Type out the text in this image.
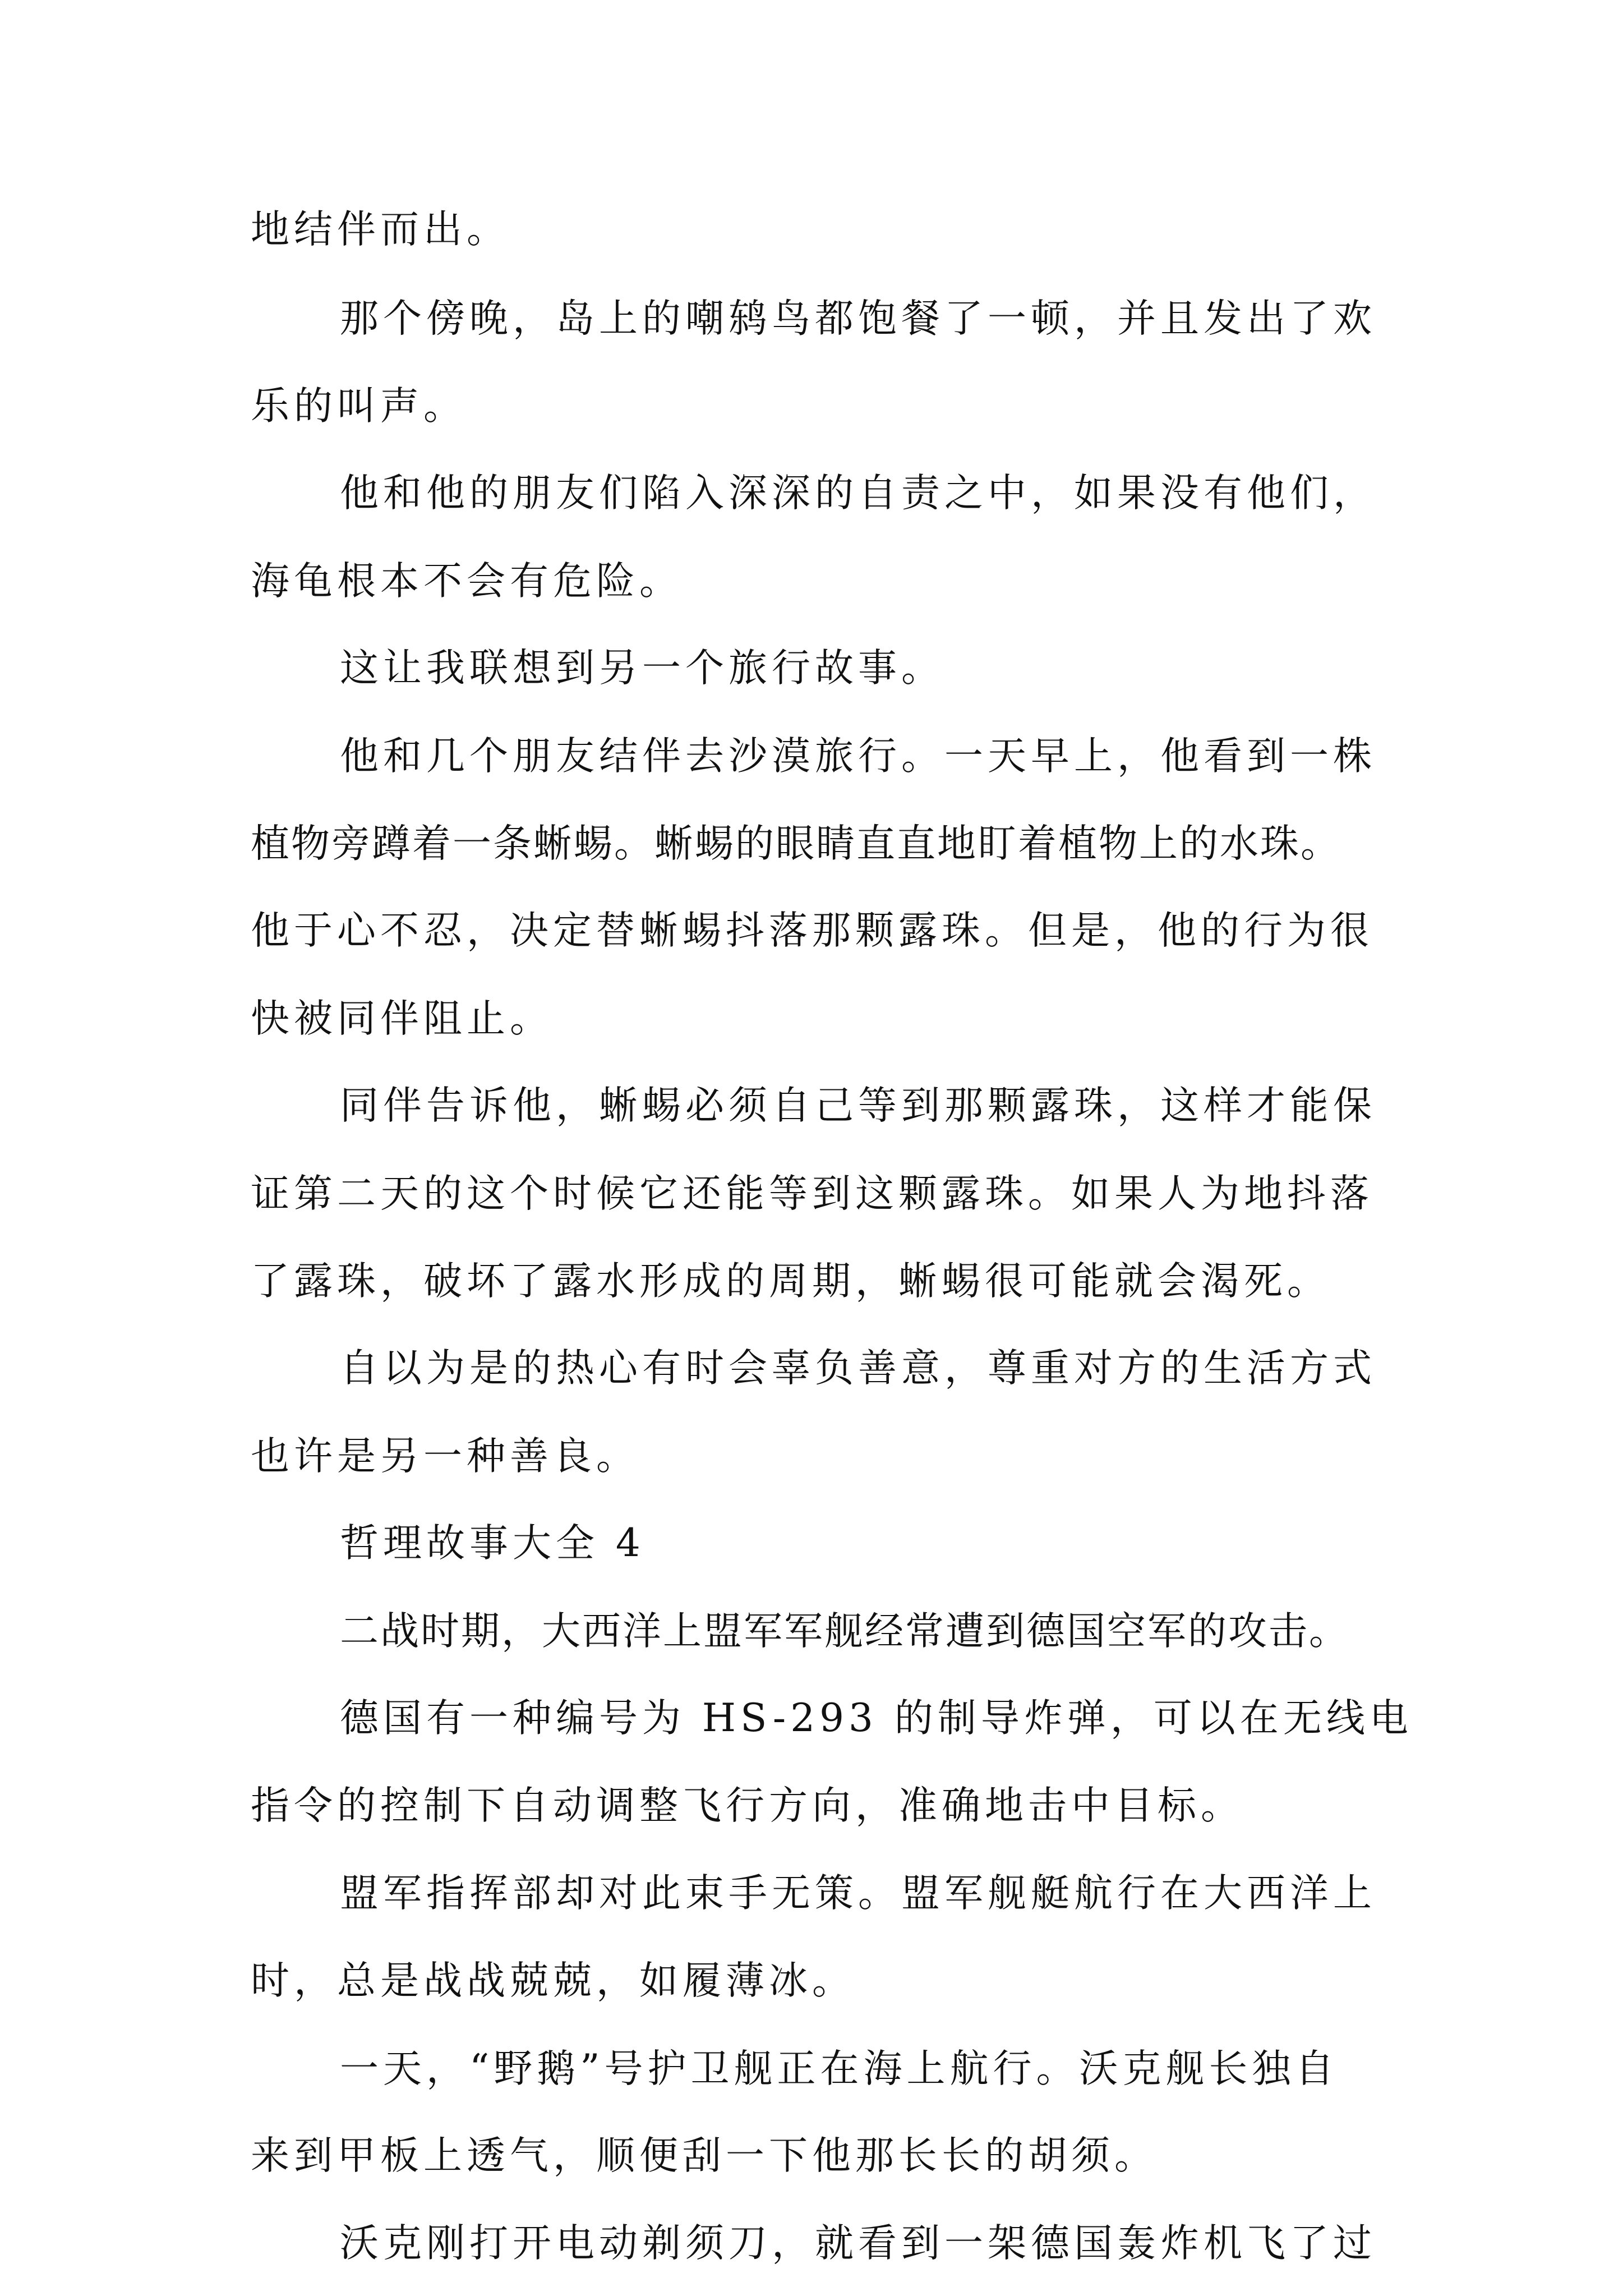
地结伴而出。

那个傍晚，岛上的嘲鸫鸟都饱餐了一顿，并且发出了欢

乐的叫声。

他和他的朋友们陷入深深的自责之中，如果没有他们，

海龟根本不会有危险。

这让我联想到另一个旅行故事。

他和几个朋友结伴去沙漠旅行。一天早上，他看到一株

植物旁蹲着一条蜥蜴。蜥蜴的眼睛直直地盯着植物上的水珠。

他于心不忍，决定替蜥蜴抖落那颗露珠。但是，他的行为很

快被同伴阻止。

同伴告诉他，蜥蜴必须自己等到那颗露珠，这样才能保

证第二天的这个时候它还能等到这颗露珠。如果人为地抖落

了露珠，破坏了露水形成的周期，蜥蜴很可能就会渴死。

自以为是的热心有时会辜负善意，尊重对方的生活方式

也许是另一种善良。

哲理故事大全 4

二战时期，大西洋上盟军军舰经常遭到德国空军的攻击。

德国有一种编号为 HS-293 的制导炸弹，可以在无线电

指令的控制下自动调整飞行方向，准确地击中目标。

盟军指挥部却对此束手无策。盟军舰艇航行在大西洋上

时，总是战战兢兢，如履薄冰。

一天，“野鹅”号护卫舰正在海上航行。沃克舰长独自

来到甲板上透气，顺便刮一下他那长长的胡须。

沃克刚打开电动剃须刀，就看到一架德国轰炸机飞了过
